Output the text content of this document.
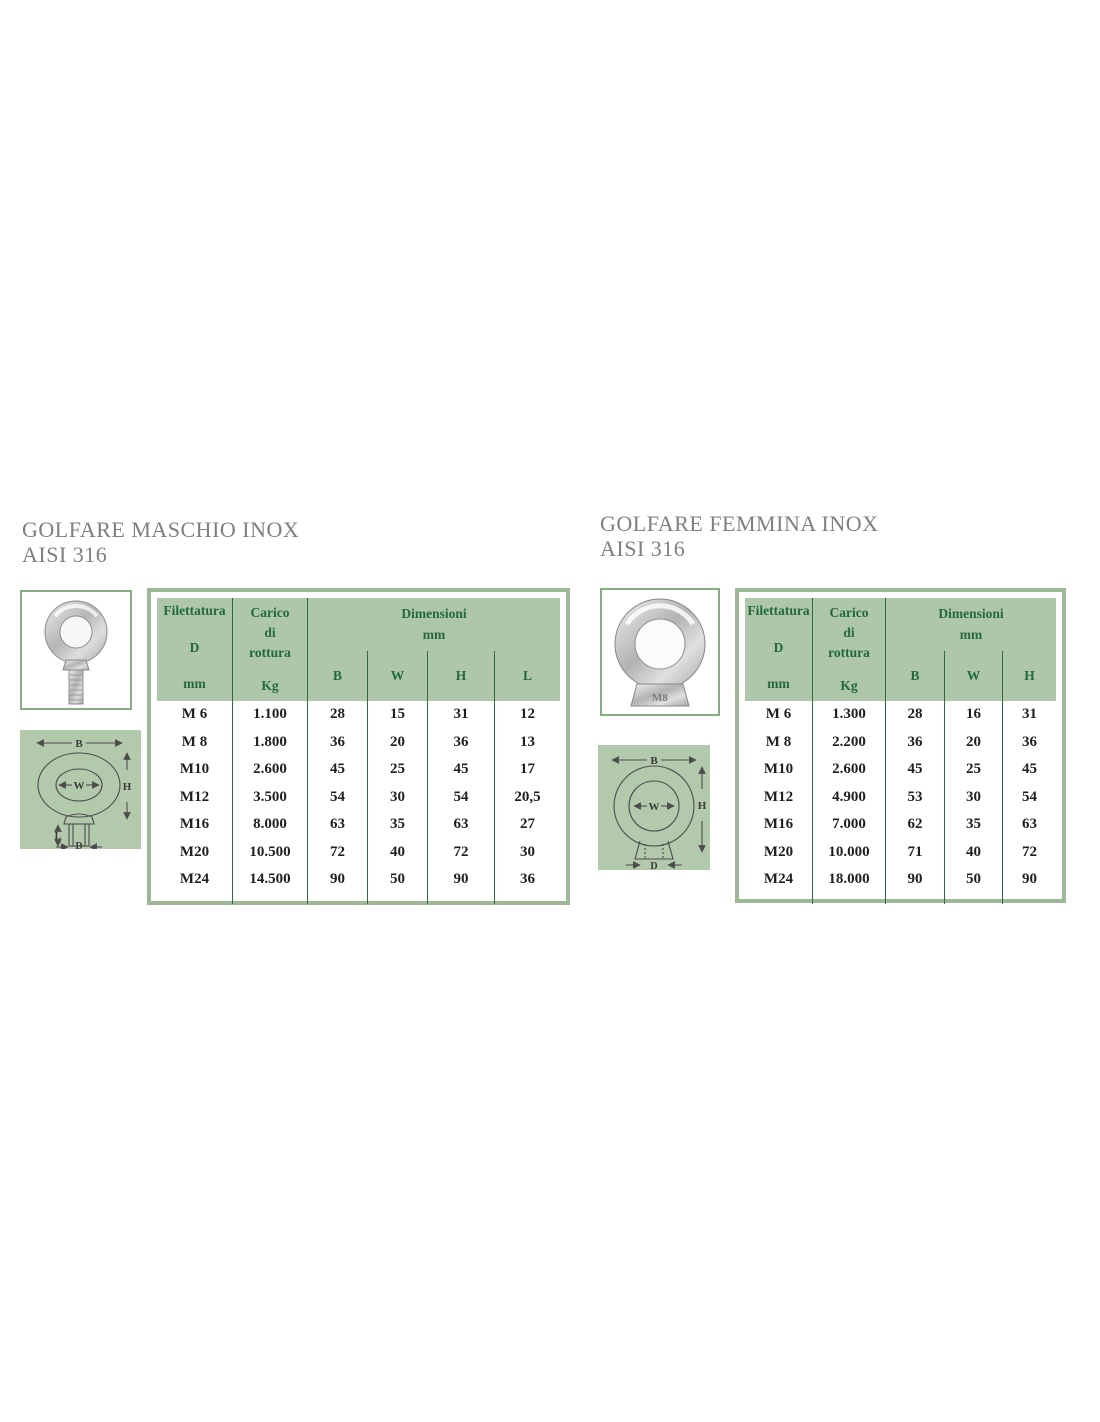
GOLFARE MASCHIO INOX
AISI 316
B
W	H
L
D
Filettatura
D
mm
Carico
di
rottura
Kg
Dimensioni
mm
B	W	H	L
M 6	1.100	28	15	31	12
M 8	1.800	36	20	36	13
M10	2.600	45	25	45	17
M12	3.500	54	30	54	20,5
M16	8.000	63	35	63	27
M20	10.500	72	40	72	30
M24	14.500	90	50	90	36
GOLFARE FEMMINA INOX
AISI 316
M8
B
W	H
D
Filettatura
D
mm
Carico
di
rottura
Kg
Dimensioni
mm
B	W	H
M 6	1.300	28	16	31
M 8	2.200	36	20	36
M10	2.600	45	25	45
M12	4.900	53	30	54
M16	7.000	62	35	63
M20	10.000	71	40	72
M24	18.000	90	50	90
